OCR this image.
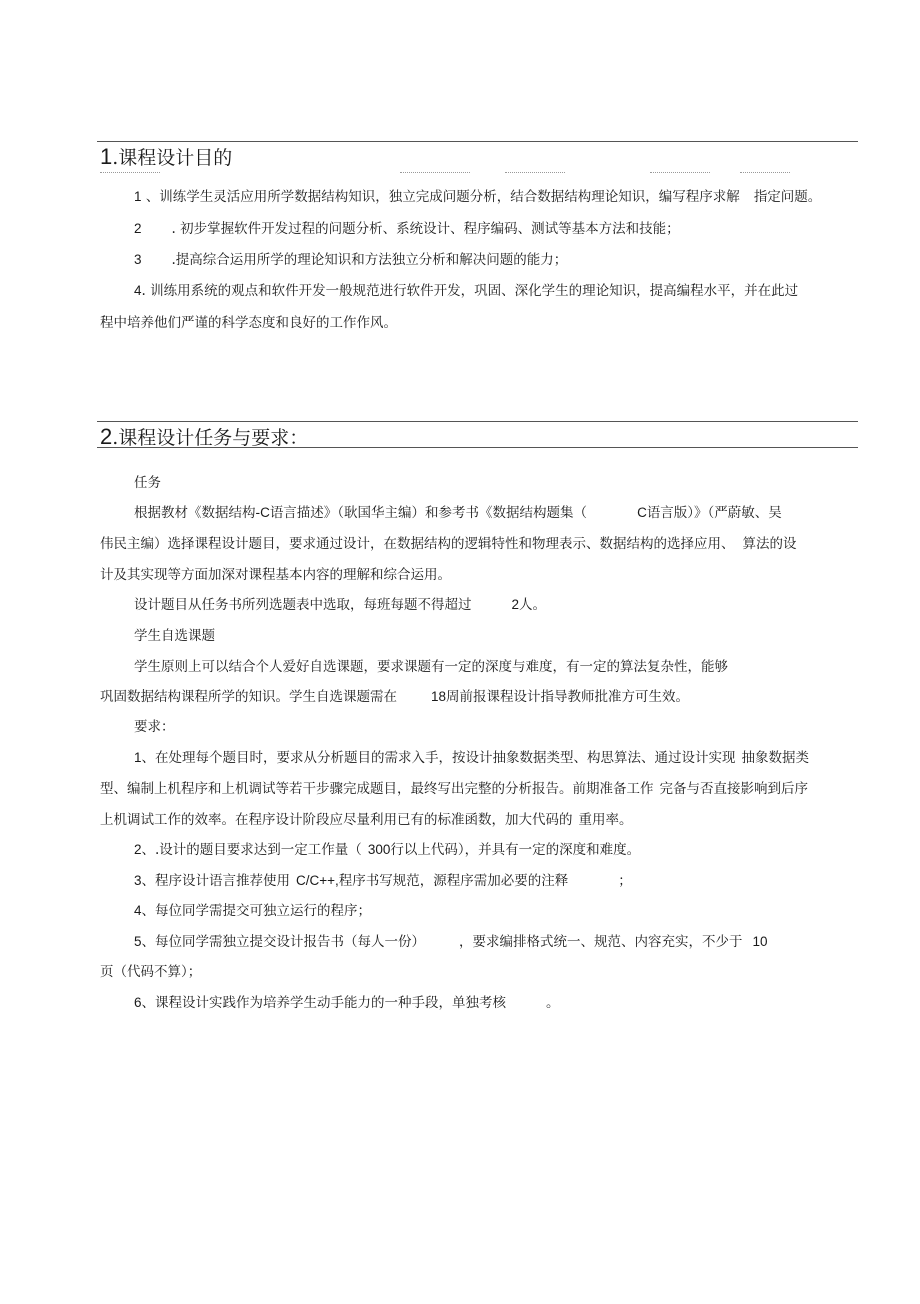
1.课程设计目的
1 、训练学生灵活应用所学数据结构知识，独立完成问题分析，结合数据结构理论知识，编写程序求解 指定问题。
2 . 初步掌握软件开发过程的问题分析、系统设计、程序编码、测试等基本方法和技能；
3 .提高综合运用所学的理论知识和方法独立分析和解决问题的能力；
4. 训练用系统的观点和软件开发一般规范进行软件开发，巩固、深化学生的理论知识，提高编程水平，并在此过
程中培养他们严谨的科学态度和良好的工作作风。
2.课程设计任务与要求：
任务
根据教材《数据结构-C语言描述》（耿国华主编）和参考书《数据结构题集（	C语言版）》（严蔚敏、吴
伟民主编）选择课程设计题目，要求通过设计，在数据结构的逻辑特性和物理表示、数据结构的选择应用、 算法的设
计及其实现等方面加深对课程基本内容的理解和综合运用。
设计题目从任务书所列选题表中选取，每班每题不得超过	2人。
学生自选课题
学生原则上可以结合个人爱好自选课题，要求课题有一定的深度与难度，有一定的算法复杂性，能够
巩固数据结构课程所学的知识。学生自选课题需在	18周前报课程设计指导教师批准方可生效。
要求：
1、在处理每个题目时，要求从分析题目的需求入手，按设计抽象数据类型、构思算法、通过设计实现 抽象数据类
型、编制上机程序和上机调试等若干步骤完成题目，最终写出完整的分析报告。前期准备工作 完备与否直接影响到后序
上机调试工作的效率。在程序设计阶段应尽量利用已有的标准函数，加大代码的 重用率。
2、.设计的题目要求达到一定工作量（ 300行以上代码），并具有一定的深度和难度。
3、程序设计语言推荐使用 C/C++,程序书写规范，源程序需加必要的注释	；
4、每位同学需提交可独立运行的程序；
5、每位同学需独立提交设计报告书（每人一份）	，要求编排格式统一、规范、内容充实，不少于 10
页（代码不算）；
6、课程设计实践作为培养学生动手能力的一种手段，单独考核	。
